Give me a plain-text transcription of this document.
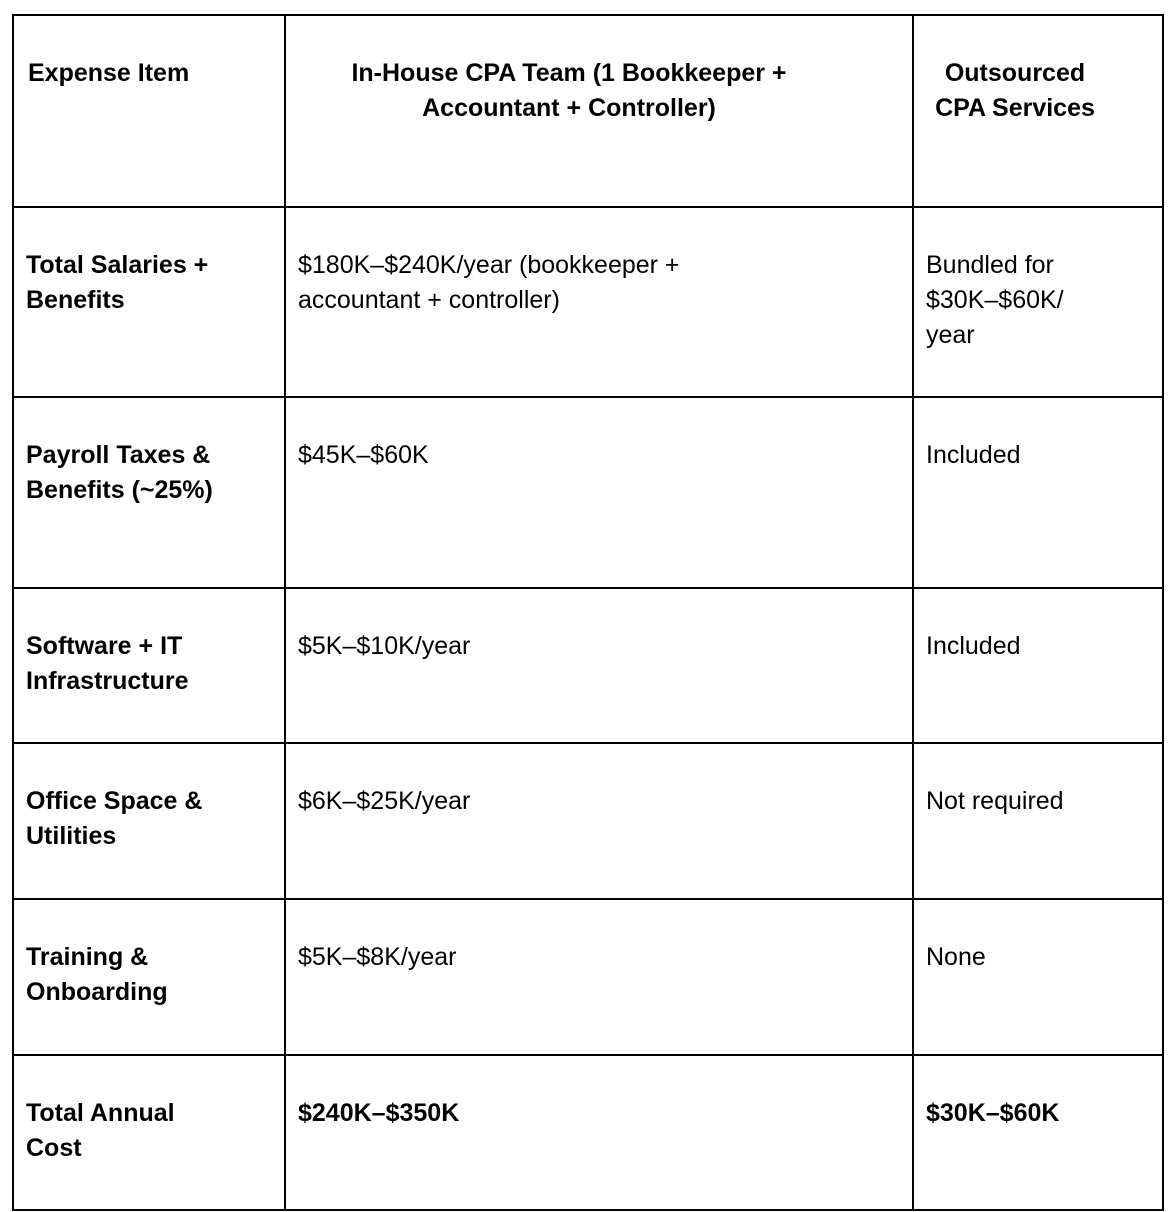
Expense Item	In-House CPA Team (1 Bookkeeper + Accountant + Controller)	Outsourced CPA Services

Total Salaries + Benefits	$180K–$240K/year (bookkeeper + accountant + controller)	Bundled for $30K–$60K/ year

Payroll Taxes & Benefits (~25%)	$45K–$60K	Included

Software + IT Infrastructure	$5K–$10K/year	Included

Office Space & Utilities	$6K–$25K/year	Not required

Training & Onboarding	$5K–$8K/year	None

Total Annual Cost	$240K–$350K	$30K–$60K
